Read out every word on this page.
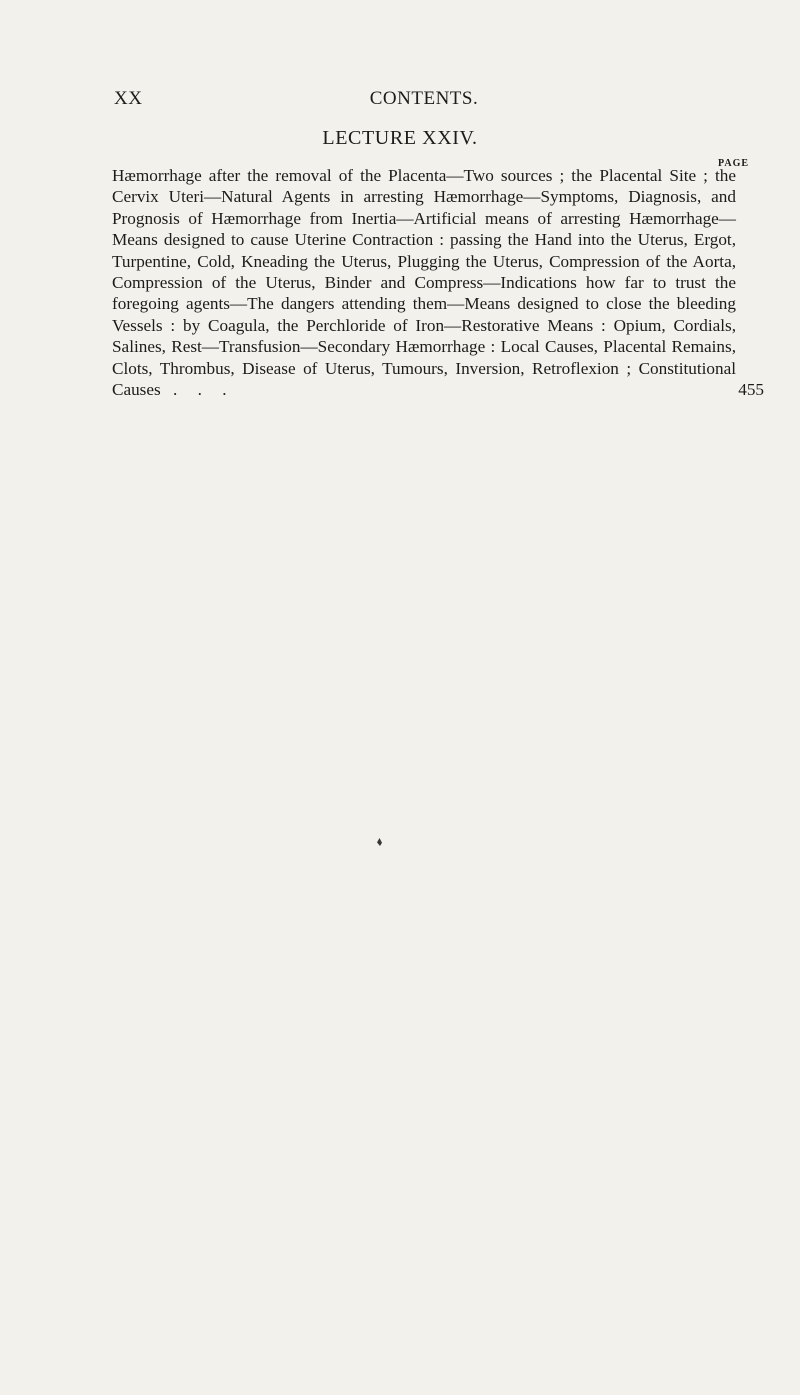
XX	CONTENTS.
LECTURE XXIV.
PAGE
Hæmorrhage after the removal of the Placenta—Two sources ; the Placental Site ; the Cervix Uteri—Natural Agents in arresting Hæmorrhage—Symptoms, Diagnosis, and Prognosis of Hæmorrhage from Inertia—Artificial means of arresting Hæmorrhage—Means designed to cause Uterine Contraction : passing the Hand into the Uterus, Ergot, Turpentine, Cold, Kneading the Uterus, Plugging the Uterus, Compression of the Aorta, Compression of the Uterus, Binder and Compress—Indications how far to trust the foregoing agents—The dangers attending them—Means designed to close the bleeding Vessels : by Coagula, the Perchloride of Iron—Restorative Means : Opium, Cordials, Salines, Rest—Transfusion—Secondary Hæmorrhage : Local Causes, Placental Remains, Clots, Thrombus, Disease of Uterus, Tumours, Inversion, Retroflexion ; Constitutional Causes . . .	455
